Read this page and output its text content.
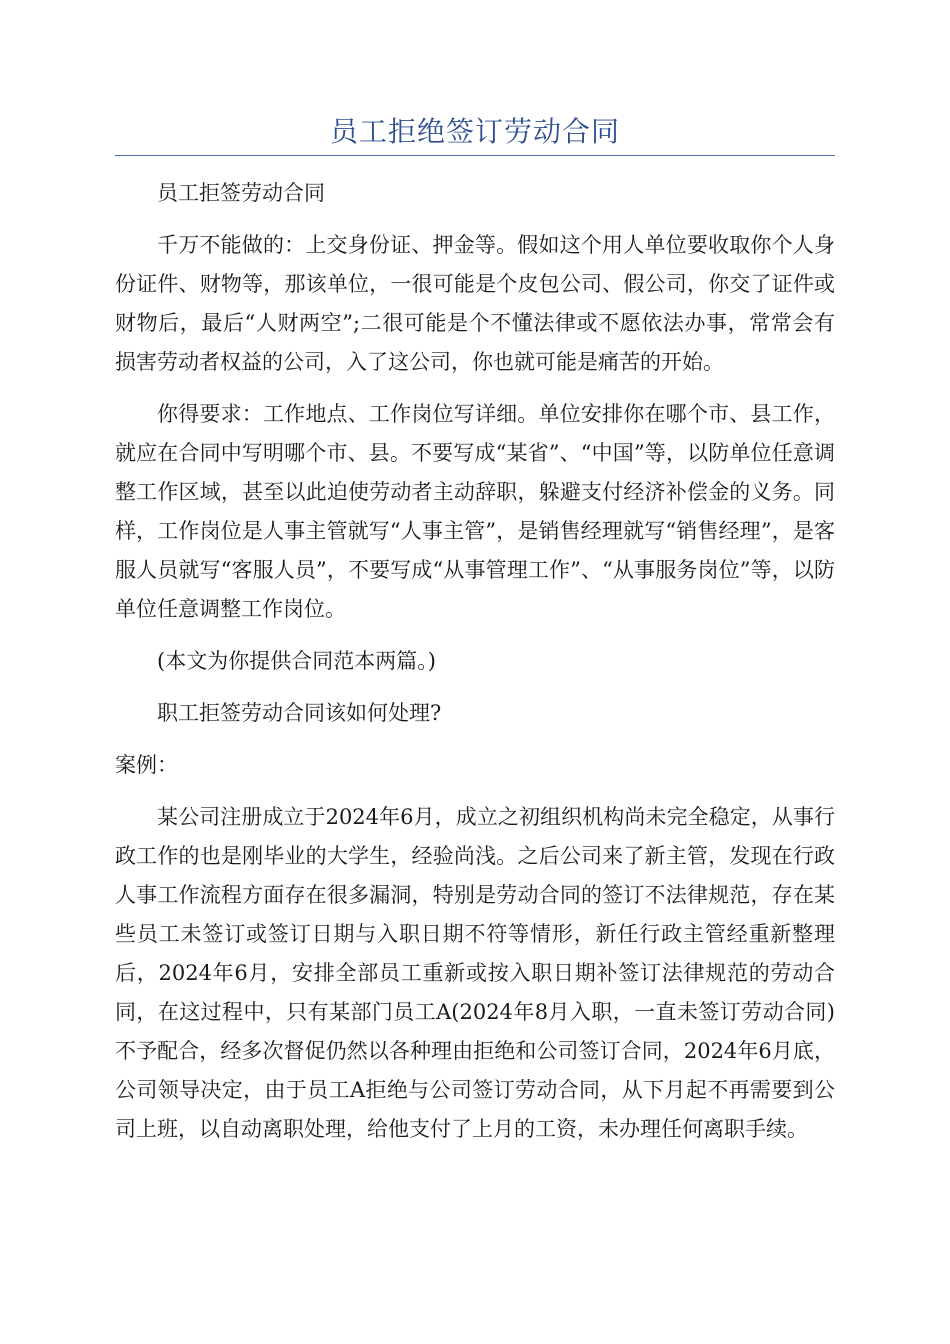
员工拒绝签订劳动合同

员工拒签劳动合同

千万不能做的：上交身份证、押金等。假如这个用人单位要收取你个人身份证件、财物等，那该单位，一很可能是个皮包公司、假公司，你交了证件或财物后，最后“人财两空”;二很可能是个不懂法律或不愿依法办事，常常会有损害劳动者权益的公司，入了这公司，你也就可能是痛苦的开始。

你得要求：工作地点、工作岗位写详细。单位安排你在哪个市、县工作，就应在合同中写明哪个市、县。不要写成“某省”、“中国”等，以防单位任意调整工作区域，甚至以此迫使劳动者主动辞职，躲避支付经济补偿金的义务。同样，工作岗位是人事主管就写“人事主管”，是销售经理就写“销售经理”，是客服人员就写“客服人员”，不要写成“从事管理工作”、“从事服务岗位”等，以防单位任意调整工作岗位。

(本文为你提供合同范本两篇。)

职工拒签劳动合同该如何处理?

案例：

某公司注册成立于2024年6月，成立之初组织机构尚未完全稳定，从事行政工作的也是刚毕业的大学生，经验尚浅。之后公司来了新主管，发现在行政人事工作流程方面存在很多漏洞，特别是劳动合同的签订不法律规范，存在某些员工未签订或签订日期与入职日期不符等情形，新任行政主管经重新整理后，2024年6月，安排全部员工重新或按入职日期补签订法律规范的劳动合同，在这过程中，只有某部门员工A(2024年8月入职，一直未签订劳动合同)不予配合，经多次督促仍然以各种理由拒绝和公司签订合同，2024年6月底，公司领导决定，由于员工A拒绝与公司签订劳动合同，从下月起不再需要到公司上班，以自动离职处理，给他支付了上月的工资，未办理任何离职手续。
